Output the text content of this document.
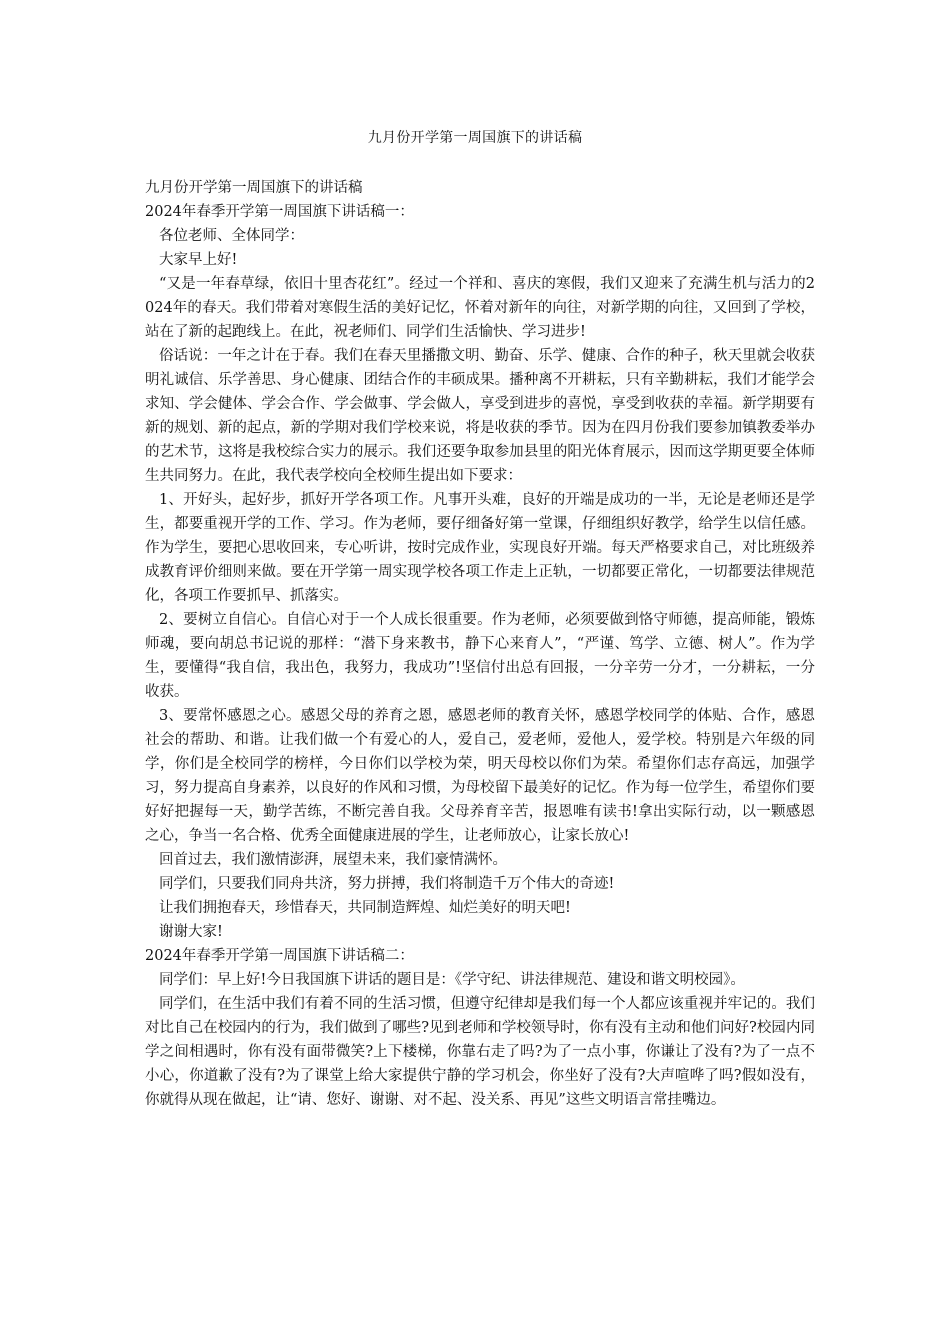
九月份开学第一周国旗下的讲话稿

九月份开学第一周国旗下的讲话稿

2024年春季开学第一周国旗下讲话稿一：

各位老师、全体同学：

大家早上好!

“又是一年春草绿，依旧十里杏花红”。经过一个祥和、喜庆的寒假，我们又迎来了充满生机与活力的2024年的春天。我们带着对寒假生活的美好记忆，怀着对新年的向往，对新学期的向往，又回到了学校，站在了新的起跑线上。在此，祝老师们、同学们生活愉快、学习进步!

俗话说：一年之计在于春。我们在春天里播撒文明、勤奋、乐学、健康、合作的种子，秋天里就会收获明礼诚信、乐学善思、身心健康、团结合作的丰硕成果。播种离不开耕耘，只有辛勤耕耘，我们才能学会求知、学会健体、学会合作、学会做事、学会做人，享受到进步的喜悦，享受到收获的幸福。新学期要有新的规划、新的起点，新的学期对我们学校来说，将是收获的季节。因为在四月份我们要参加镇教委举办的艺术节，这将是我校综合实力的展示。我们还要争取参加县里的阳光体育展示，因而这学期更要全体师生共同努力。在此，我代表学校向全校师生提出如下要求：

1、开好头，起好步，抓好开学各项工作。凡事开头难，良好的开端是成功的一半，无论是老师还是学生，都要重视开学的工作、学习。作为老师，要仔细备好第一堂课，仔细组织好教学，给学生以信任感。作为学生，要把心思收回来，专心听讲，按时完成作业，实现良好开端。每天严格要求自己，对比班级养成教育评价细则来做。要在开学第一周实现学校各项工作走上正轨，一切都要正常化，一切都要法律规范化，各项工作要抓早、抓落实。

2、要树立自信心。自信心对于一个人成长很重要。作为老师，必须要做到恪守师德，提高师能，锻炼师魂，要向胡总书记说的那样：“潜下身来教书，静下心来育人”，“严谨、笃学、立德、树人”。作为学生，要懂得“我自信，我出色，我努力，我成功”!坚信付出总有回报，一分辛劳一分才，一分耕耘，一分收获。

3、要常怀感恩之心。感恩父母的养育之恩，感恩老师的教育关怀，感恩学校同学的体贴、合作，感恩社会的帮助、和谐。让我们做一个有爱心的人，爱自己，爱老师，爱他人，爱学校。特别是六年级的同学，你们是全校同学的榜样，今日你们以学校为荣，明天母校以你们为荣。希望你们志存高远，加强学习，努力提高自身素养，以良好的作风和习惯，为母校留下最美好的记忆。作为每一位学生，希望你们要好好把握每一天，勤学苦练，不断完善自我。父母养育辛苦，报恩唯有读书!拿出实际行动，以一颗感恩之心，争当一名合格、优秀全面健康进展的学生，让老师放心，让家长放心!

回首过去，我们激情澎湃，展望未来，我们豪情满怀。

同学们，只要我们同舟共济，努力拼搏，我们将制造千万个伟大的奇迹!

让我们拥抱春天，珍惜春天，共同制造辉煌、灿烂美好的明天吧!

谢谢大家!

2024年春季开学第一周国旗下讲话稿二：

同学们：早上好!今日我国旗下讲话的题目是：《学守纪、讲法律规范、建设和谐文明校园》。

同学们，在生活中我们有着不同的生活习惯，但遵守纪律却是我们每一个人都应该重视并牢记的。我们对比自己在校园内的行为，我们做到了哪些?见到老师和学校领导时，你有没有主动和他们问好?校园内同学之间相遇时，你有没有面带微笑?上下楼梯，你靠右走了吗?为了一点小事，你谦让了没有?为了一点不小心，你道歉了没有?为了课堂上给大家提供宁静的学习机会，你坐好了没有?大声喧哗了吗?假如没有，你就得从现在做起，让“请、您好、谢谢、对不起、没关系、再见”这些文明语言常挂嘴边。
